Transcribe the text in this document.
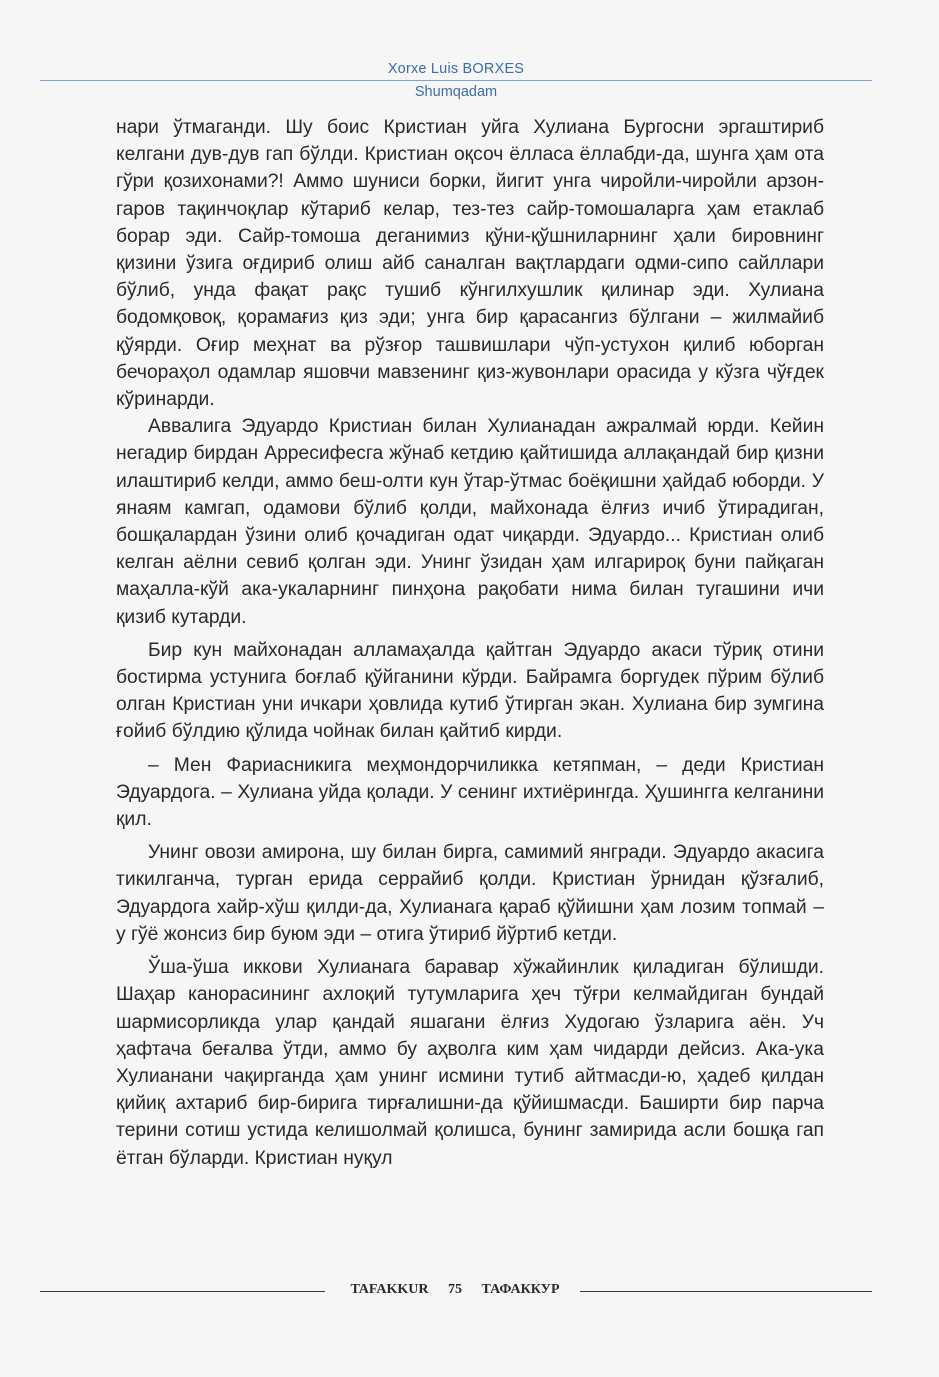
Xorxe Luis BORXES
Shumqadam

нари ўтмаганди. Шу боис Кристиан уйга Хулиана Бургосни эргаштириб келгани дув-дув гап бўлди. Кристиан оқсоч ёлласа ёллабди-да, шунга ҳам ота гўри қозихонами?! Аммо шуниси борки, йигит унга чиройли-чиройли арзон-гаров тақинчоқлар кўтариб келар, тез-тез сайр-томошаларга ҳам етаклаб борар эди. Сайр-томоша деганимиз қўни-қўшниларнинг ҳали бировнинг қизини ўзига оғдириб олиш айб саналган вақтлардаги одми-сипо сайллари бўлиб, унда фақат рақс тушиб кўнгилхушлик қилинар эди. Хулиана бодомқовоқ, қорамағиз қиз эди; унга бир қарасангиз бўлгани – жилмайиб қўярди. Оғир меҳнат ва рўзғор ташвишлари чўп-устухон қилиб юборган бечораҳол одамлар яшовчи мавзенинг қиз-жувонлари орасида у кўзга чўғдек кўринарди.

Аввалига Эдуардо Кристиан билан Хулианадан ажралмай юрди. Кейин негадир бирдан Арресифесга жўнаб кетдию қайтишида аллақандай бир қизни илаштириб келди, аммо беш-олти кун ўтар-ўтмас боёқишни ҳайдаб юборди. У янаям камгап, одамови бўлиб қолди, майхонада ёлғиз ичиб ўтирадиган, бошқалардан ўзини олиб қочадиган одат чиқарди. Эдуардо... Кристиан олиб келган аёлни севиб қолган эди. Унинг ўзидан ҳам илгарироқ буни пайқаган маҳалла-кўй ака-укаларнинг пинҳона рақобати нима билан тугашини ичи қизиб кутарди.

Бир кун майхонадан алламаҳалда қайтган Эдуардо акаси тўриқ отини бостирма устунига боғлаб қўйганини кўрди. Байрамга боргудек пўрим бўлиб олган Кристиан уни ичкари ҳовлида кутиб ўтирган экан. Хулиана бир зумгина ғойиб бўлдию қўлида чойнак билан қайтиб кирди.

– Мен Фариасникига меҳмондорчиликка кетяпман, – деди Кристиан Эдуардога. – Хулиана уйда қолади. У сенинг ихтиёрингда. Ҳушингга келганини қил.

Унинг овози амирона, шу билан бирга, самимий янгради. Эдуардо акасига тикилганча, турган ерида серрайиб қолди. Кристиан ўрнидан қўзғалиб, Эдуардога хайр-хўш қилди-да, Хулианага қараб қўйишни ҳам лозим топмай – у гўё жонсиз бир буюм эди – отига ўтириб йўртиб кетди.

Ўша-ўша иккови Хулианага баравар хўжайинлик қиладиган бўлишди. Шаҳар канорасининг ахлоқий тутумларига ҳеч тўғри келмайдиган бундай шармисорликда улар қандай яшагани ёлғиз Худогаю ўзларига аён. Уч ҳафтача беғалва ўтди, аммо бу аҳволга ким ҳам чидарди дейсиз. Ака-ука Хулианани чақирганда ҳам унинг исмини тутиб айтмасди-ю, ҳадеб қилдан қийиқ ахтариб бир-бирига тирғалишни-да қўйишмасди. Баширти бир парча терини сотиш устида келишолмай қолишса, бунинг замирида асли бошқа гап ётган бўларди. Кристиан нуқул

TAFAKKUR 75 ТАФАККУР
